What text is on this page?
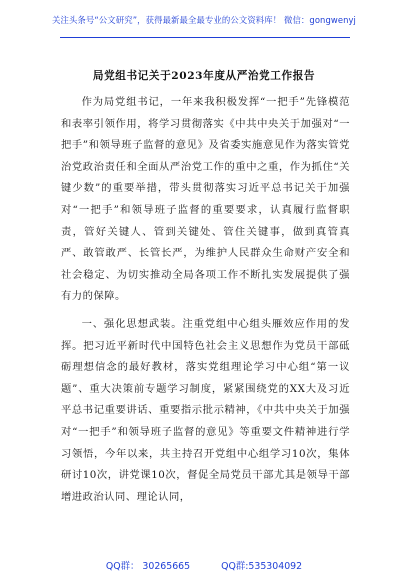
关注头条号“公文研究”，获得最新最全最专业的公文资料库！ 微信：gongwenyj
局党组书记关于2023年度从严治党工作报告

作为局党组书记，一年来我积极发挥“一把手”先锋模范和表率引领作用，将学习贯彻落实《中共中央关于加强对“一把手”和领导班子监督的意见》及省委实施意见作为落实管党治党政治责任和全面从严治党工作的重中之重，作为抓住“关键少数”的重要举措，带头贯彻落实习近平总书记关于加强对“一把手”和领导班子监督的重要要求，认真履行监督职责，管好关键人、管到关键处、管住关键事，做到真管真严、敢管敢严、长管长严，为维护人民群众生命财产安全和社会稳定、为切实推动全局各项工作不断扎实发展提供了强有力的保障。

一、强化思想武装。注重党组中心组头雁效应作用的发挥。把习近平新时代中国特色社会主义思想作为党员干部砥砺理想信念的最好教材，落实党组理论学习中心组“第一议题”、重大决策前专题学习制度，紧紧围绕党的XX大及习近平总书记重要讲话、重要指示批示精神，《中共中央关于加强对“一把手”和领导班子监督的意见》等重要文件精神进行学习领悟，今年以来，共主持召开党组中心组学习10次，集体研讨10次，讲党课10次，督促全局党员干部尤其是领导干部增进政治认同、理论认同，

QQ群： 30265665	QQ群:535304092
